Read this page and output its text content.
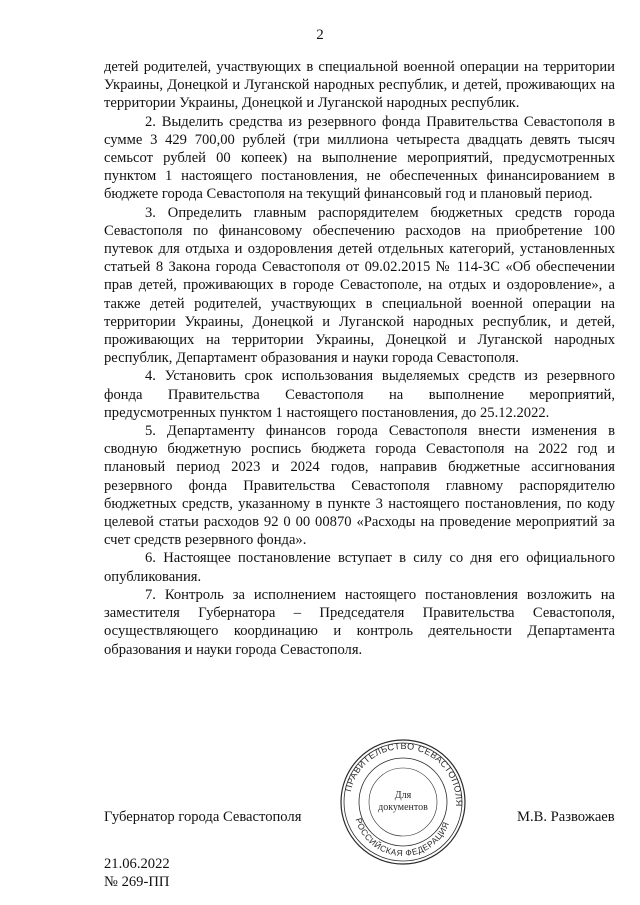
2

детей родителей, участвующих в специальной военной операции на территории Украины, Донецкой и Луганской народных республик, и детей, проживающих на территории Украины, Донецкой и Луганской народных республик.

2. Выделить средства из резервного фонда Правительства Севастополя в сумме 3 429 700,00 рублей (три миллиона четыреста двадцать девять тысяч семьсот рублей 00 копеек) на выполнение мероприятий, предусмотренных пунктом 1 настоящего постановления, не обеспеченных финансированием в бюджете города Севастополя на текущий финансовый год и плановый период.

3. Определить главным распорядителем бюджетных средств города Севастополя по финансовому обеспечению расходов на приобретение 100 путевок для отдыха и оздоровления детей отдельных категорий, установленных статьей 8 Закона города Севастополя от 09.02.2015 № 114-ЗС «Об обеспечении прав детей, проживающих в городе Севастополе, на отдых и оздоровление», а также детей родителей, участвующих в специальной военной операции на территории Украины, Донецкой и Луганской народных республик, и детей, проживающих на территории Украины, Донецкой и Луганской народных республик, Департамент образования и науки города Севастополя.

4. Установить срок использования выделяемых средств из резервного фонда Правительства Севастополя на выполнение мероприятий, предусмотренных пунктом 1 настоящего постановления, до 25.12.2022.

5. Департаменту финансов города Севастополя внести изменения в сводную бюджетную роспись бюджета города Севастополя на 2022 год и плановый период 2023 и 2024 годов, направив бюджетные ассигнования резервного фонда Правительства Севастополя главному распорядителю бюджетных средств, указанному в пункте 3 настоящего постановления, по коду целевой статьи расходов 92 0 00 00870 «Расходы на проведение мероприятий за счет средств резервного фонда».

6. Настоящее постановление вступает в силу со дня его официального опубликования.

7. Контроль за исполнением настоящего постановления возложить на заместителя Губернатора – Председателя Правительства Севастополя, осуществляющего координацию и контроль деятельности Департамента образования и науки города Севастополя.

Губернатор города Севастополя
ПРАВИТЕЛЬСТВО СЕВАСТОПОЛЯ
РОССИЙСКАЯ ФЕДЕРАЦИЯ
Для
документов
М.В. Развожаев
21.06.2022
№ 269-ПП
